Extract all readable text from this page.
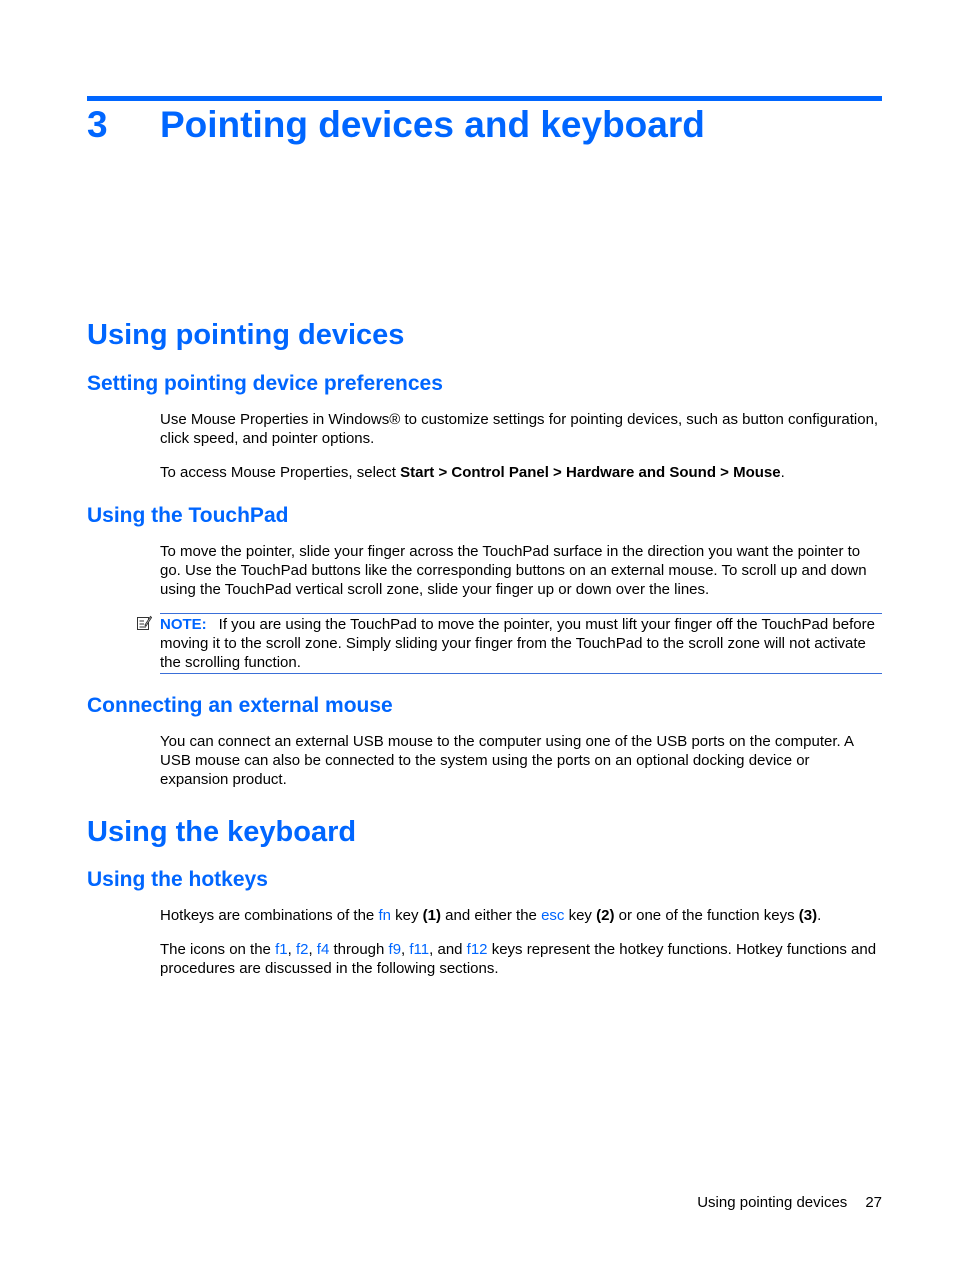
3 Pointing devices and keyboard
Using pointing devices
Setting pointing device preferences
Use Mouse Properties in Windows® to customize settings for pointing devices, such as button configuration, click speed, and pointer options.
To access Mouse Properties, select Start > Control Panel > Hardware and Sound > Mouse.
Using the TouchPad
To move the pointer, slide your finger across the TouchPad surface in the direction you want the pointer to go. Use the TouchPad buttons like the corresponding buttons on an external mouse. To scroll up and down using the TouchPad vertical scroll zone, slide your finger up or down over the lines.
NOTE: If you are using the TouchPad to move the pointer, you must lift your finger off the TouchPad before moving it to the scroll zone. Simply sliding your finger from the TouchPad to the scroll zone will not activate the scrolling function.
Connecting an external mouse
You can connect an external USB mouse to the computer using one of the USB ports on the computer. A USB mouse can also be connected to the system using the ports on an optional docking device or expansion product.
Using the keyboard
Using the hotkeys
Hotkeys are combinations of the fn key (1) and either the esc key (2) or one of the function keys (3).
The icons on the f1, f2, f4 through f9, f11, and f12 keys represent the hotkey functions. Hotkey functions and procedures are discussed in the following sections.
Using pointing devices 27
